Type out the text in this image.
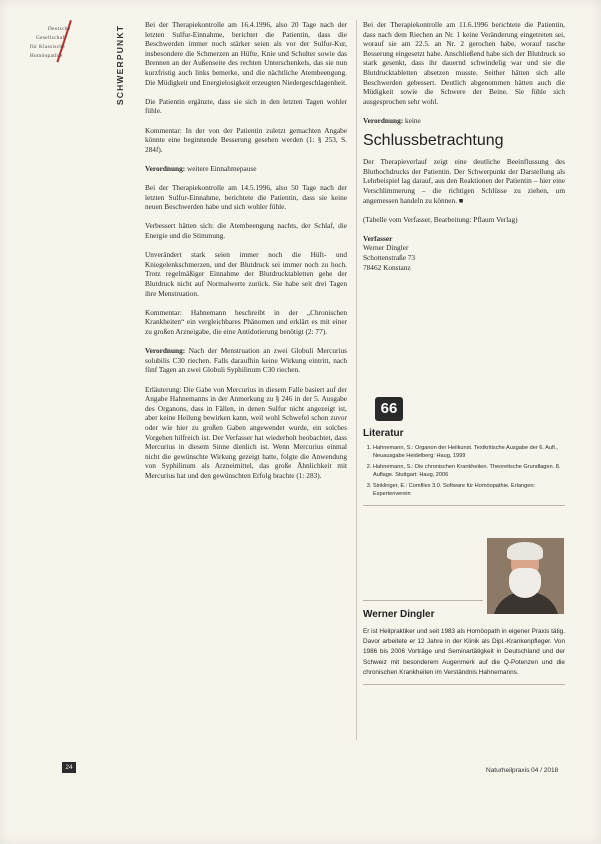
Deutsche
Gesellschaft
für Klassische
Homöopathie	SCHWERPUNKT

Bei der Therapiekontrolle am 16.4.1996, also 20 Tage nach der letzten Sulfur-Einnahme, berichtet die Patientin, dass die Beschwerden immer noch stärker seien als vor der Sulfur-Kur, insbesondere die Schmerzen an Hüfte, Knie und Schulter sowie das Brennen an der Außenseite des rechten Unterschenkels, das sie nun kurzfristig auch links bemerke, und die nächtliche Atembeengung. Die Müdigkeit und Energielosigkeit erzeugten Niedergeschlagenheit.

Die Patientin ergänzte, dass sie sich in den letzten Tagen wohler fühle.

Kommentar: In der von der Patientin zuletzt gemachten Angabe könnte eine beginnende Besserung gesehen werden (1: § 253, S. 284f).

Verordnung: weitere Einnahmepause

Bei der Therapiekontrolle am 14.5.1996, also 50 Tage nach der letzten Sulfur-Einnahme, berichtete die Patientin, dass sie keine neuen Beschwerden habe und sich wohler fühle.

Verbessert hätten sich: die Atembeengung nachts, der Schlaf, die Energie und die Stimmung.

Unverändert stark seien immer noch die Hüft- und Kniegelenkschmerzen, und der Blutdruck sei immer noch zu hoch. Trotz regelmäßiger Einnahme der Blutdrucktabletten gehe der Blutdruck nicht auf Normalwerte zurück. Sie habe seit drei Tagen ihre Menstruation.

Kommentar: Hahnemann beschreibt in der „Chronischen Krankheiten“ ein vergleichbares Phänomen und erklärt es mit einer zu großen Arzneigabe, die eine Antidotierung benötigt (2: 77).

Verordnung: Nach der Menstruation an zwei Globuli Mercurius solubilis C30 riechen. Falls daraufhin keine Wirkung eintritt, nach fünf Tagen an zwei Globuli Syphilinum C30 riechen.

Erläuterung: Die Gabe von Mercurius in diesem Falle basiert auf der Angabe Hahnemanns in der Anmerkung zu § 246 in der 5. Ausgabe des Organons, dass in Fällen, in denen Sulfur nicht angezeigt ist, aber keine Heilung bewirken kann, weil wohl Schwefel schon zuvor oder wie hier zu großen Gaben angewendet wurde, ein solches Vorgehen hilfreich ist. Der Verfasser hat wiederholt beobachtet, dass Mercurius in diesem Sinne dienlich ist. Wenn Mercurius einmal nicht die gewünschte Wirkung gezeigt hatte, folgte die Anwendung von Syphilinum als Arzneimittel, das große Ähnlichkeit mit Mercurius hat und den gewünschten Erfolg brachte (1: 283).

Bei der Therapiekontrolle am 11.6.1996 berichtete die Patientin, dass nach dem Riechen an Nr. 1 keine Veränderung eingetreten sei, worauf sie am 22.5. an Nr. 2 gerochen habe, worauf rasche Besserung eingesetzt habe. Anschließend habe sich der Blutdruck so stark gesenkt, dass ihr dauernd schwindelig war und sie die Blutdrucktabletten absetzen musste. Seither hätten sich alle Beschwerden gebessert. Deutlich abgenommen hätten auch die Müdigkeit sowie die Schwere der Beine. Sie fühle sich ausgesprochen sehr wohl.

Verordnung: keine

Schlussbetrachtung

Der Therapieverlauf zeigt eine deutliche Beeinflussung des Bluthochdrucks der Patientin. Der Schwerpunkt der Darstellung als Lehrbeispiel lag darauf, aus den Reaktionen der Patientin – hier eine Verschlimmerung – die richtigen Schlüsse zu ziehen, um angemessen handeln zu können. ■

(Tabelle vom Verfasser, Bearbeitung: Pflaum Verlag)

Verfasser
Werner Dingler
Schottenstraße 73
78462 Konstanz

66
Literatur
1. Hahnemann, S.: Organon der Heilkunst. Textkritische Ausgabe der 6. Aufl., Neuausgabe Heidelberg: Haug, 1999
2. Hahnemann, S.: Die chronischen Krankheiten. Theoretische Grundlagen. 8. Auflage. Stuttgart: Haug, 2006
3. Sinklinger, E.: Comfilex 3.0. Software für Homöopathie. Erlangen: Expertenverein
Werner Dingler
Er ist Heilpraktiker und seit 1983 als Homöopath in eigener Praxis tätig. Davor arbeitete er 12 Jahre in der Klinik als Dipl.-Krankenpfleger. Von 1986 bis 2006 Vorträge und Seminartätigkeit in Deutschland und der Schweiz mit besonderem Augenmerk auf die Q-Potenzen und die chronischen Krankheiten im Verständnis Hahnemanns.
24	Naturheilpraxis 04 / 2018
